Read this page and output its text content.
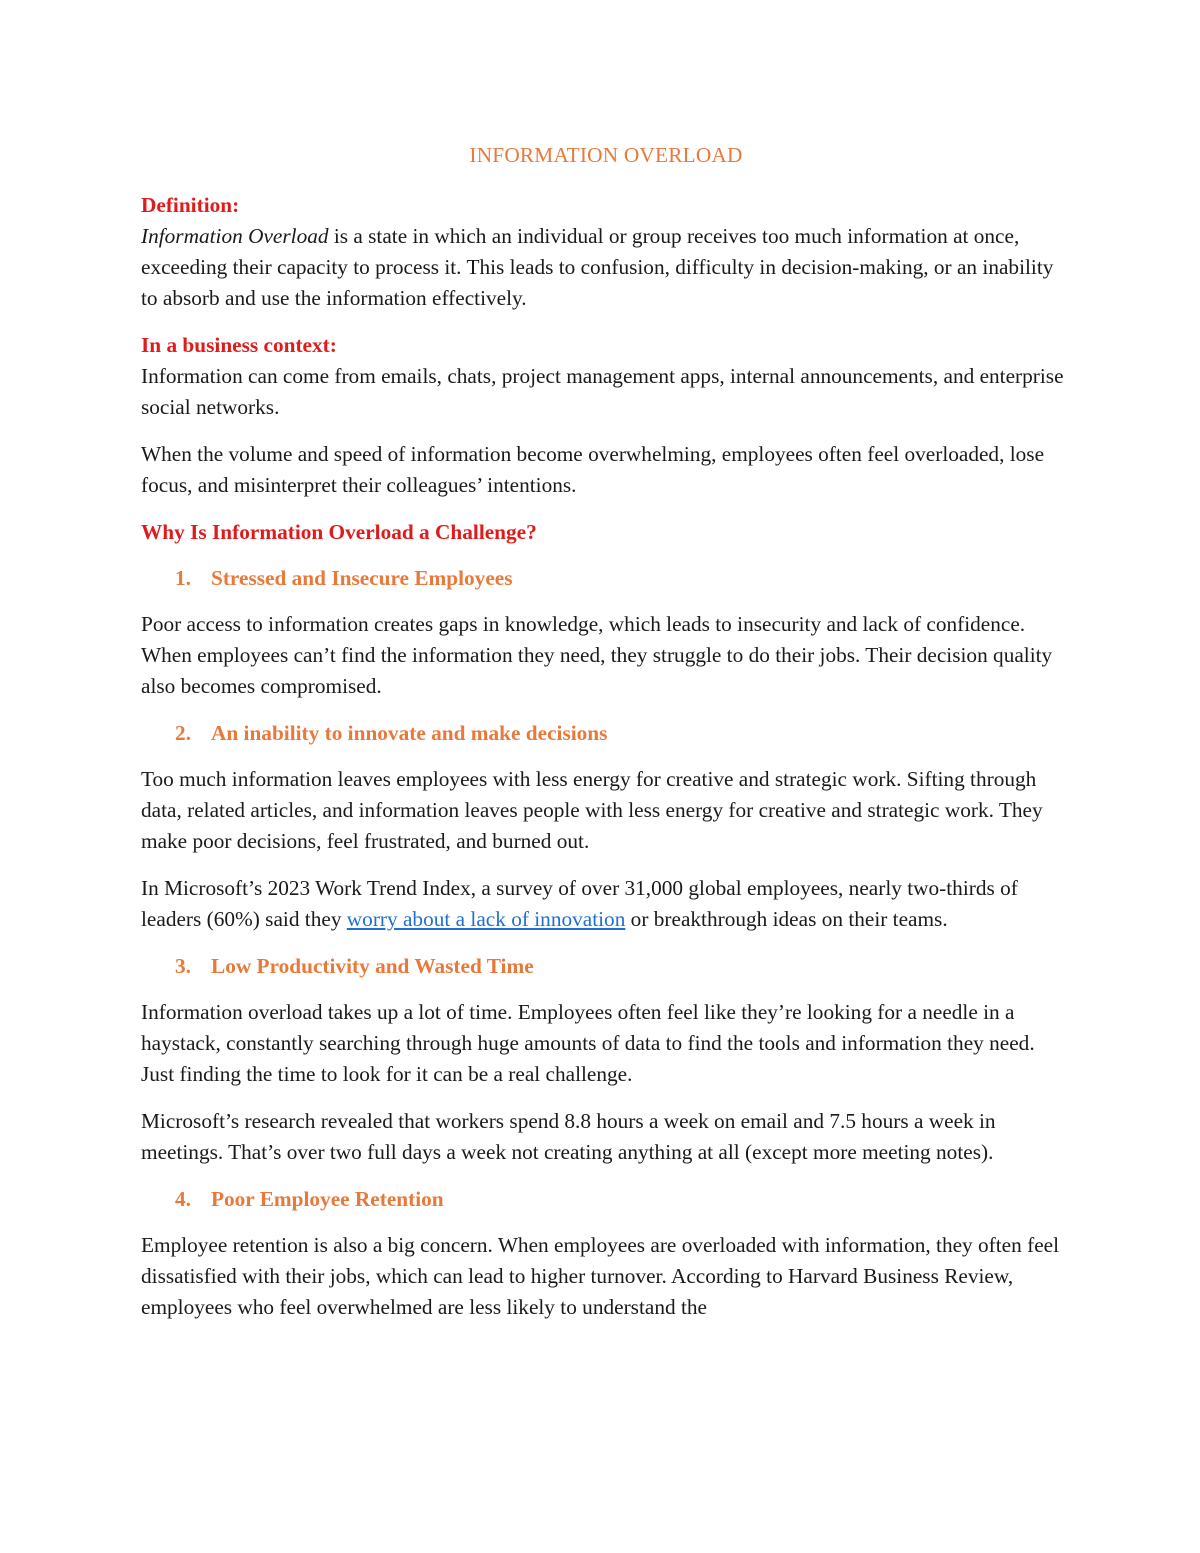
INFORMATION OVERLOAD
Definition:

Information Overload is a state in which an individual or group receives too much information at once, exceeding their capacity to process it. This leads to confusion, difficulty in decision-making, or an inability to absorb and use the information effectively.

In a business context:

Information can come from emails, chats, project management apps, internal announcements, and enterprise social networks.

When the volume and speed of information become overwhelming, employees often feel overloaded, lose focus, and misinterpret their colleagues’ intentions.

Why Is Information Overload a Challenge?
1. Stressed and Insecure Employees

Poor access to information creates gaps in knowledge, which leads to insecurity and lack of confidence. When employees can’t find the information they need, they struggle to do their jobs. Their decision quality also becomes compromised.

2. An inability to innovate and make decisions

Too much information leaves employees with less energy for creative and strategic work. Sifting through data, related articles, and information leaves people with less energy for creative and strategic work. They make poor decisions, feel frustrated, and burned out.

In Microsoft’s 2023 Work Trend Index, a survey of over 31,000 global employees, nearly two-thirds of leaders (60%) said they worry about a lack of innovation or breakthrough ideas on their teams.

3. Low Productivity and Wasted Time

Information overload takes up a lot of time. Employees often feel like they’re looking for a needle in a haystack, constantly searching through huge amounts of data to find the tools and information they need. Just finding the time to look for it can be a real challenge.

Microsoft’s research revealed that workers spend 8.8 hours a week on email and 7.5 hours a week in meetings. That’s over two full days a week not creating anything at all (except more meeting notes).

4. Poor Employee Retention

Employee retention is also a big concern. When employees are overloaded with information, they often feel dissatisfied with their jobs, which can lead to higher turnover. According to Harvard Business Review, employees who feel overwhelmed are less likely to understand the
